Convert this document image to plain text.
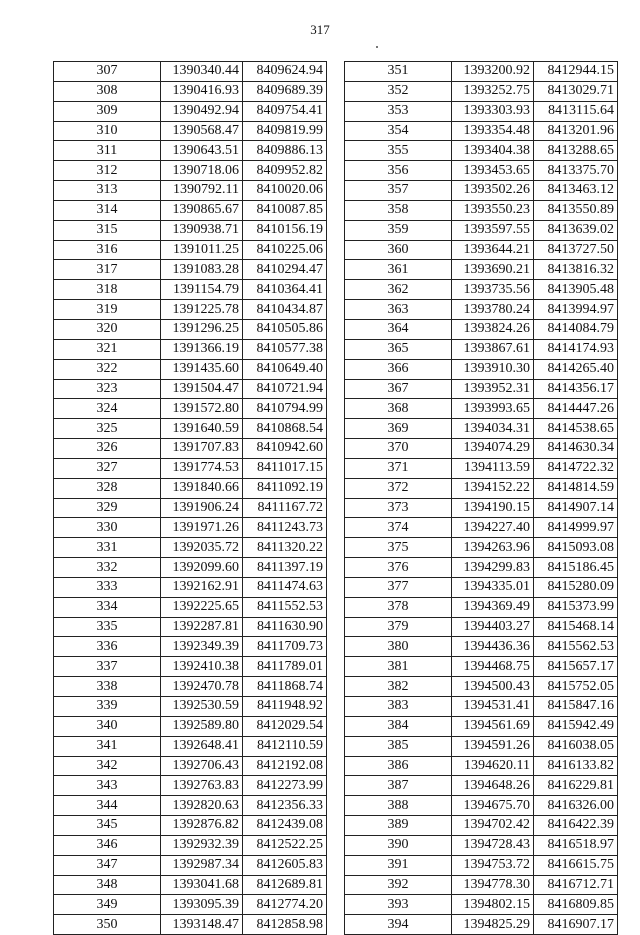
317
307	1390340.44	8409624.94
308	1390416.93	8409689.39
309	1390492.94	8409754.41
310	1390568.47	8409819.99
311	1390643.51	8409886.13
312	1390718.06	8409952.82
313	1390792.11	8410020.06
314	1390865.67	8410087.85
315	1390938.71	8410156.19
316	1391011.25	8410225.06
317	1391083.28	8410294.47
318	1391154.79	8410364.41
319	1391225.78	8410434.87
320	1391296.25	8410505.86
321	1391366.19	8410577.38
322	1391435.60	8410649.40
323	1391504.47	8410721.94
324	1391572.80	8410794.99
325	1391640.59	8410868.54
326	1391707.83	8410942.60
327	1391774.53	8411017.15
328	1391840.66	8411092.19
329	1391906.24	8411167.72
330	1391971.26	8411243.73
331	1392035.72	8411320.22
332	1392099.60	8411397.19
333	1392162.91	8411474.63
334	1392225.65	8411552.53
335	1392287.81	8411630.90
336	1392349.39	8411709.73
337	1392410.38	8411789.01
338	1392470.78	8411868.74
339	1392530.59	8411948.92
340	1392589.80	8412029.54
341	1392648.41	8412110.59
342	1392706.43	8412192.08
343	1392763.83	8412273.99
344	1392820.63	8412356.33
345	1392876.82	8412439.08
346	1392932.39	8412522.25
347	1392987.34	8412605.83
348	1393041.68	8412689.81
349	1393095.39	8412774.20
350	1393148.47	8412858.98
351	1393200.92	8412944.15
352	1393252.75	8413029.71
353	1393303.93	8413115.64
354	1393354.48	8413201.96
355	1393404.38	8413288.65
356	1393453.65	8413375.70
357	1393502.26	8413463.12
358	1393550.23	8413550.89
359	1393597.55	8413639.02
360	1393644.21	8413727.50
361	1393690.21	8413816.32
362	1393735.56	8413905.48
363	1393780.24	8413994.97
364	1393824.26	8414084.79
365	1393867.61	8414174.93
366	1393910.30	8414265.40
367	1393952.31	8414356.17
368	1393993.65	8414447.26
369	1394034.31	8414538.65
370	1394074.29	8414630.34
371	1394113.59	8414722.32
372	1394152.22	8414814.59
373	1394190.15	8414907.14
374	1394227.40	8414999.97
375	1394263.96	8415093.08
376	1394299.83	8415186.45
377	1394335.01	8415280.09
378	1394369.49	8415373.99
379	1394403.27	8415468.14
380	1394436.36	8415562.53
381	1394468.75	8415657.17
382	1394500.43	8415752.05
383	1394531.41	8415847.16
384	1394561.69	8415942.49
385	1394591.26	8416038.05
386	1394620.11	8416133.82
387	1394648.26	8416229.81
388	1394675.70	8416326.00
389	1394702.42	8416422.39
390	1394728.43	8416518.97
391	1394753.72	8416615.75
392	1394778.30	8416712.71
393	1394802.15	8416809.85
394	1394825.29	8416907.17
